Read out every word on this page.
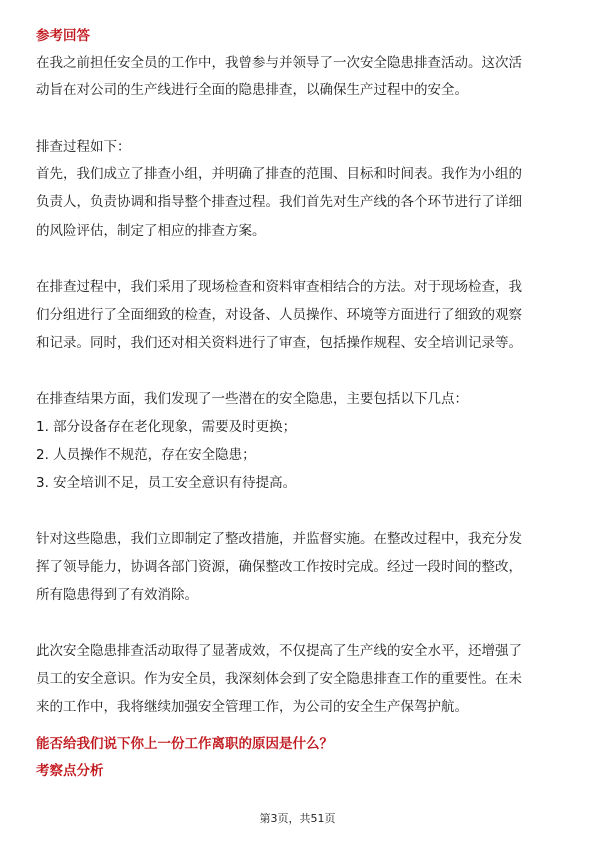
参考回答
在我之前担任安全员的工作中，我曾参与并领导了一次安全隐患排查活动。这次活
动旨在对公司的生产线进行全面的隐患排查，以确保生产过程中的安全。
排查过程如下：
首先，我们成立了排查小组，并明确了排查的范围、目标和时间表。我作为小组的
负责人，负责协调和指导整个排查过程。我们首先对生产线的各个环节进行了详细
的风险评估，制定了相应的排查方案。
在排查过程中，我们采用了现场检查和资料审查相结合的方法。对于现场检查，我
们分组进行了全面细致的检查，对设备、人员操作、环境等方面进行了细致的观察
和记录。同时，我们还对相关资料进行了审查，包括操作规程、安全培训记录等。
在排查结果方面，我们发现了一些潜在的安全隐患，主要包括以下几点：
1. 部分设备存在老化现象，需要及时更换；
2. 人员操作不规范，存在安全隐患；
3. 安全培训不足，员工安全意识有待提高。
针对这些隐患，我们立即制定了整改措施，并监督实施。在整改过程中，我充分发
挥了领导能力，协调各部门资源，确保整改工作按时完成。经过一段时间的整改，
所有隐患得到了有效消除。
此次安全隐患排查活动取得了显著成效，不仅提高了生产线的安全水平，还增强了
员工的安全意识。作为安全员，我深刻体会到了安全隐患排查工作的重要性。在未
来的工作中，我将继续加强安全管理工作，为公司的安全生产保驾护航。
能否给我们说下你上一份工作离职的原因是什么？
考察点分析
第3页，共51页
